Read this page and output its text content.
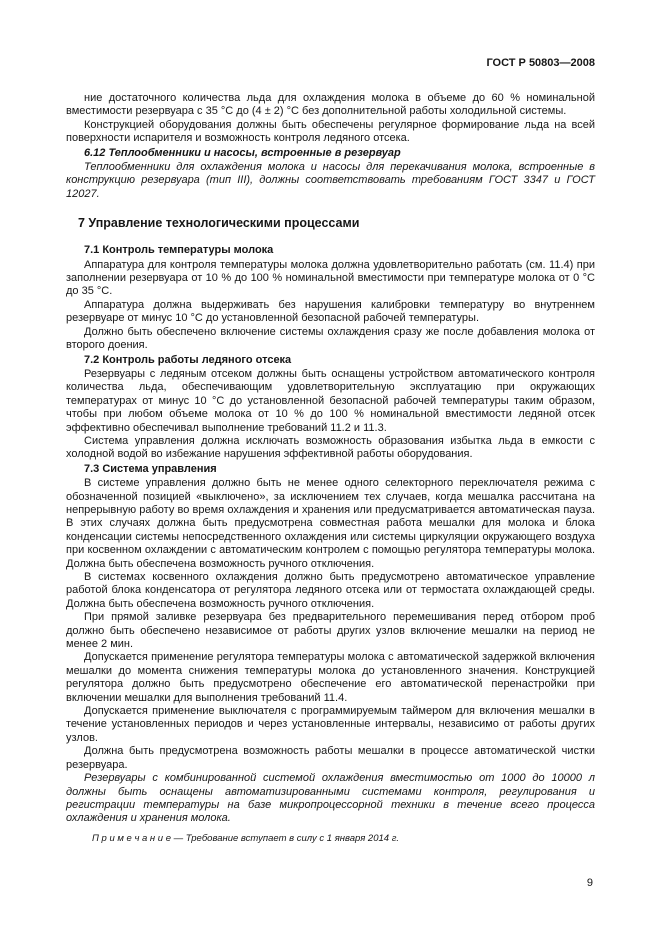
ГОСТ Р 50803—2008

ние достаточного количества льда для охлаждения молока в объеме до 60 % номинальной вместимости резервуара с 35 °С до (4 ± 2) °С без дополнительной работы холодильной системы.

Конструкцией оборудования должны быть обеспечены регулярное формирование льда на всей поверхности испарителя и возможность контроля ледяного отсека.

6.12 Теплообменники и насосы, встроенные в резервуар

Теплообменники для охлаждения молока и насосы для перекачивания молока, встроенные в конструкцию резервуара (тип III), должны соответствовать требованиям ГОСТ 3347 и ГОСТ 12027.

7 Управление технологическими процессами

7.1 Контроль температуры молока

Аппаратура для контроля температуры молока должна удовлетворительно работать (см. 11.4) при заполнении резервуара от 10 % до 100 % номинальной вместимости при температуре молока от 0 °С до 35 °С.

Аппаратура должна выдерживать без нарушения калибровки температуру во внутреннем резервуаре от минус 10 °С до установленной безопасной рабочей температуры.

Должно быть обеспечено включение системы охлаждения сразу же после добавления молока от второго доения.

7.2 Контроль работы ледяного отсека

Резервуары с ледяным отсеком должны быть оснащены устройством автоматического контроля количества льда, обеспечивающим удовлетворительную эксплуатацию при окружающих температурах от минус 10 °С до установленной безопасной рабочей температуры таким образом, чтобы при любом объеме молока от 10 % до 100 % номинальной вместимости ледяной отсек эффективно обеспечивал выполнение требований 11.2 и 11.3.

Система управления должна исключать возможность образования избытка льда в емкости с холодной водой во избежание нарушения эффективной работы оборудования.

7.3 Система управления

В системе управления должно быть не менее одного селекторного переключателя режима с обозначенной позицией «выключено», за исключением тех случаев, когда мешалка рассчитана на непрерывную работу во время охлаждения и хранения или предусматривается автоматическая пауза. В этих случаях должна быть предусмотрена совместная работа мешалки для молока и блока конденсации системы непосредственного охлаждения или системы циркуляции окружающего воздуха при косвенном охлаждении с автоматическим контролем с помощью регулятора температуры молока. Должна быть обеспечена возможность ручного отключения.

В системах косвенного охлаждения должно быть предусмотрено автоматическое управление работой блока конденсатора от регулятора ледяного отсека или от термостата охлаждающей среды. Должна быть обеспечена возможность ручного отключения.

При прямой заливке резервуара без предварительного перемешивания перед отбором проб должно быть обеспечено независимое от работы других узлов включение мешалки на период не менее 2 мин.

Допускается применение регулятора температуры молока с автоматической задержкой включения мешалки до момента снижения температуры молока до установленного значения. Конструкцией регулятора должно быть предусмотрено обеспечение его автоматической перенастройки при включении мешалки для выполнения требований 11.4.

Допускается применение выключателя с программируемым таймером для включения мешалки в течение установленных периодов и через установленные интервалы, независимо от работы других узлов.

Должна быть предусмотрена возможность работы мешалки в процессе автоматической чистки резервуара.

Резервуары с комбинированной системой охлаждения вместимостью от 1000 до 10000 л должны быть оснащены автоматизированными системами контроля, регулирования и регистрации температуры на базе микропроцессорной техники в течение всего процесса охлаждения и хранения молока.

П р и м е ч а н и е — Требование вступает в силу с 1 января 2014 г.

9
